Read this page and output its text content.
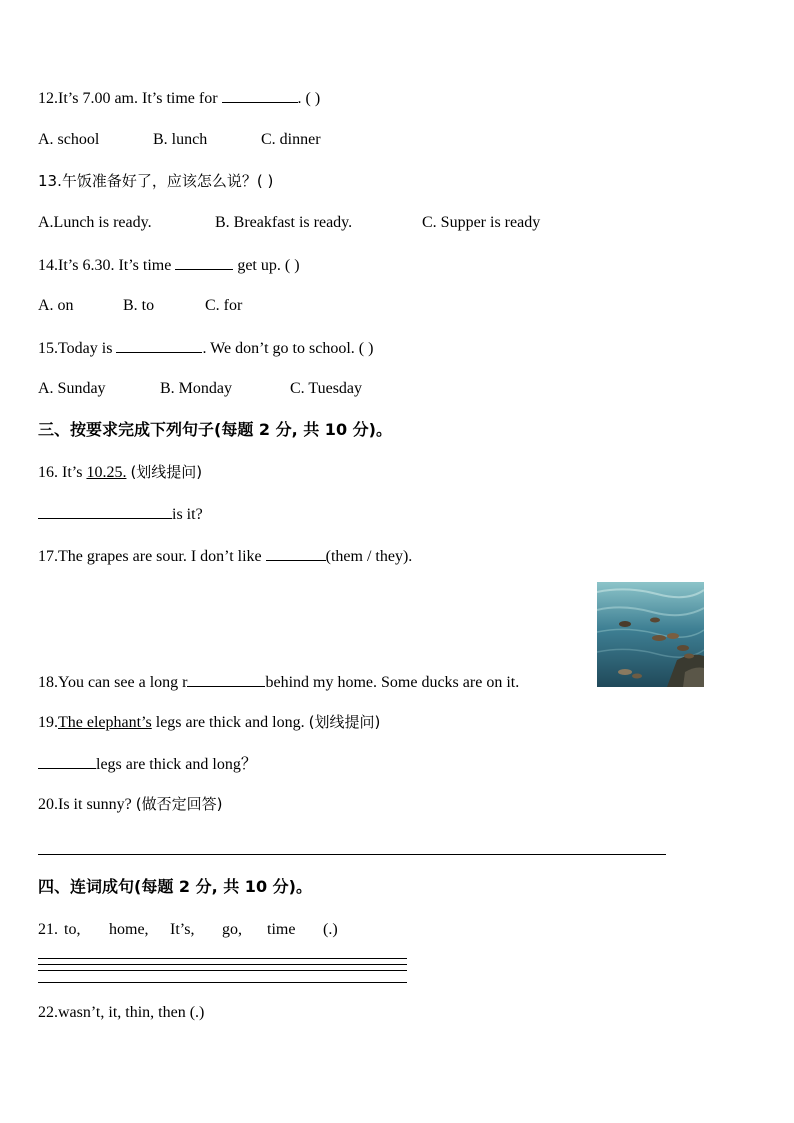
12.It’s 7.00 am. It’s time for	. ( )
A. school	B. lunch	C. dinner
13.午饭准备好了，应该怎么说？( )
A.Lunch is ready.	B. Breakfast is ready.	C. Supper is ready
14.It’s 6.30. It’s time	get up. ( )
A. on	B. to	C. for
15.Today is	. We don’t go to school. ( )
A. Sunday	B. Monday	C. Tuesday
三、按要求完成下列句子(每题 2 分, 共 10 分)。
16. It’s 10.25. (划线提问)
is it?
17.The grapes are sour. I don’t like	(them / they).
18.You can see a long r	behind my home. Some ducks are on it.
19.The elephant’s legs are thick and long. (划线提问)
legs are thick and long？
20.Is it sunny? (做否定回答)
四、连词成句(每题 2 分, 共 10 分)。
21. to, home, It’s, go, time (.)
22.wasn’t, it, thin, then (.)
